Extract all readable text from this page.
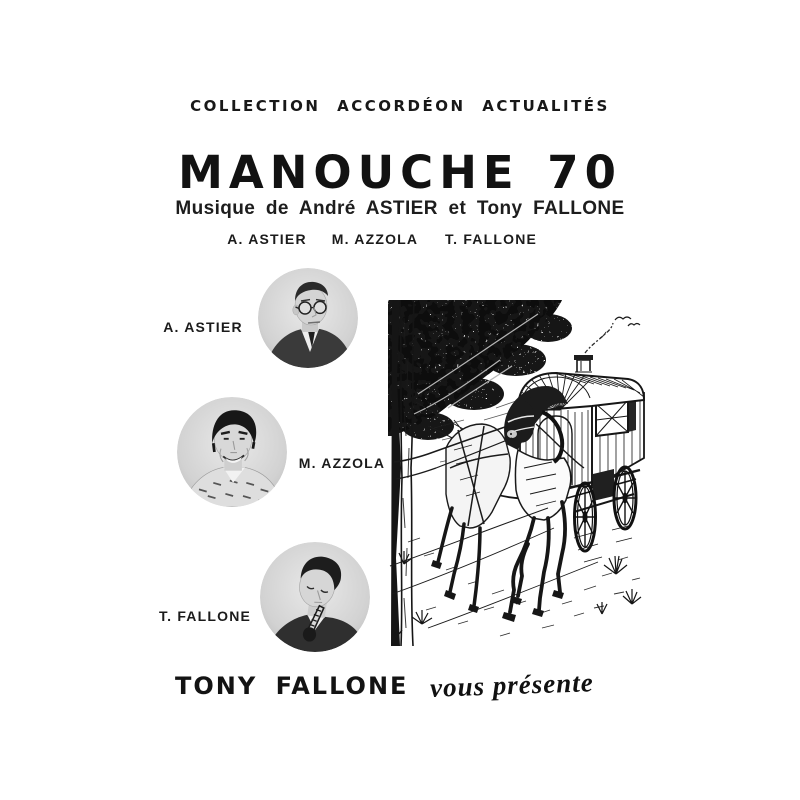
COLLECTION ACCORDÉON ACTUALITÉS
MANOUCHE 70
Musique de André ASTIER et Tony FALLONE
A. ASTIER M. AZZOLA T. FALLONE
A. ASTIER
M. AZZOLA
T. FALLONE
TONY FALLONE vous présente
